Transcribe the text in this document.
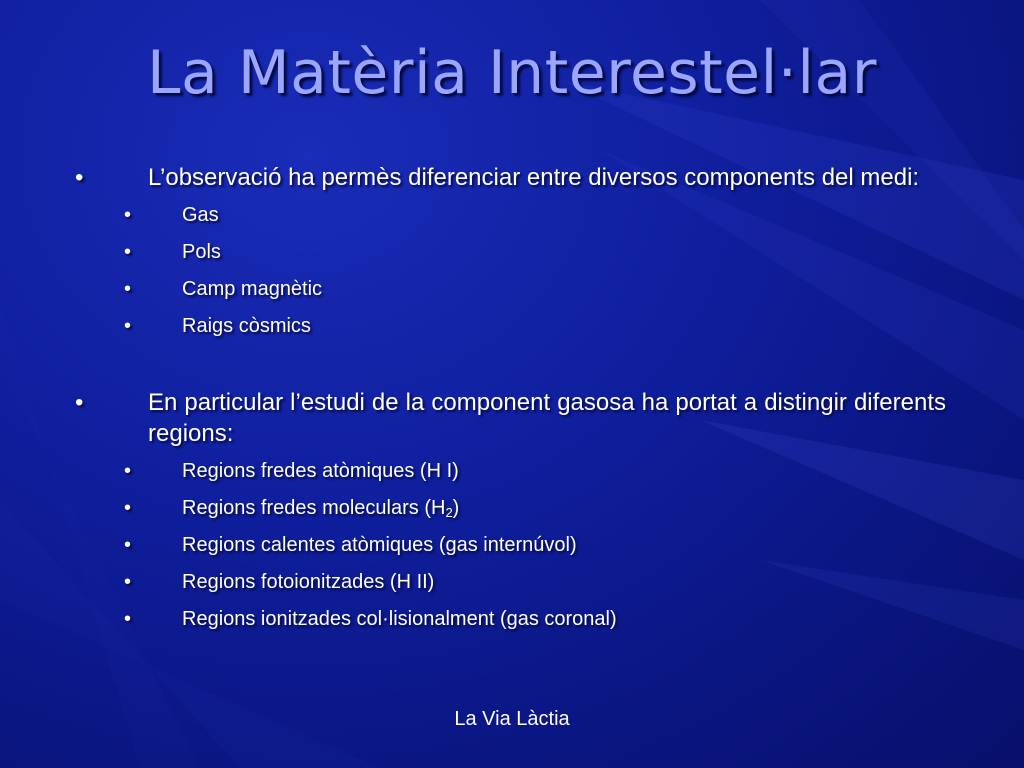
La Matèria Interestel·lar
•	L’observació ha permès diferenciar entre diversos components del medi:
•	Gas
•	Pols
•	Camp magnètic
•	Raigs còsmics
•	En particular l’estudi de la component gasosa ha portat a distingir diferents regions:
•	Regions fredes atòmiques (H I)
•	Regions fredes moleculars $(H_2)$
•	Regions calentes atòmiques (gas internúvol)
•	Regions fotoionitzades (H II)
•	Regions ionitzades col·lisionalment (gas coronal)
La Via Làctia
